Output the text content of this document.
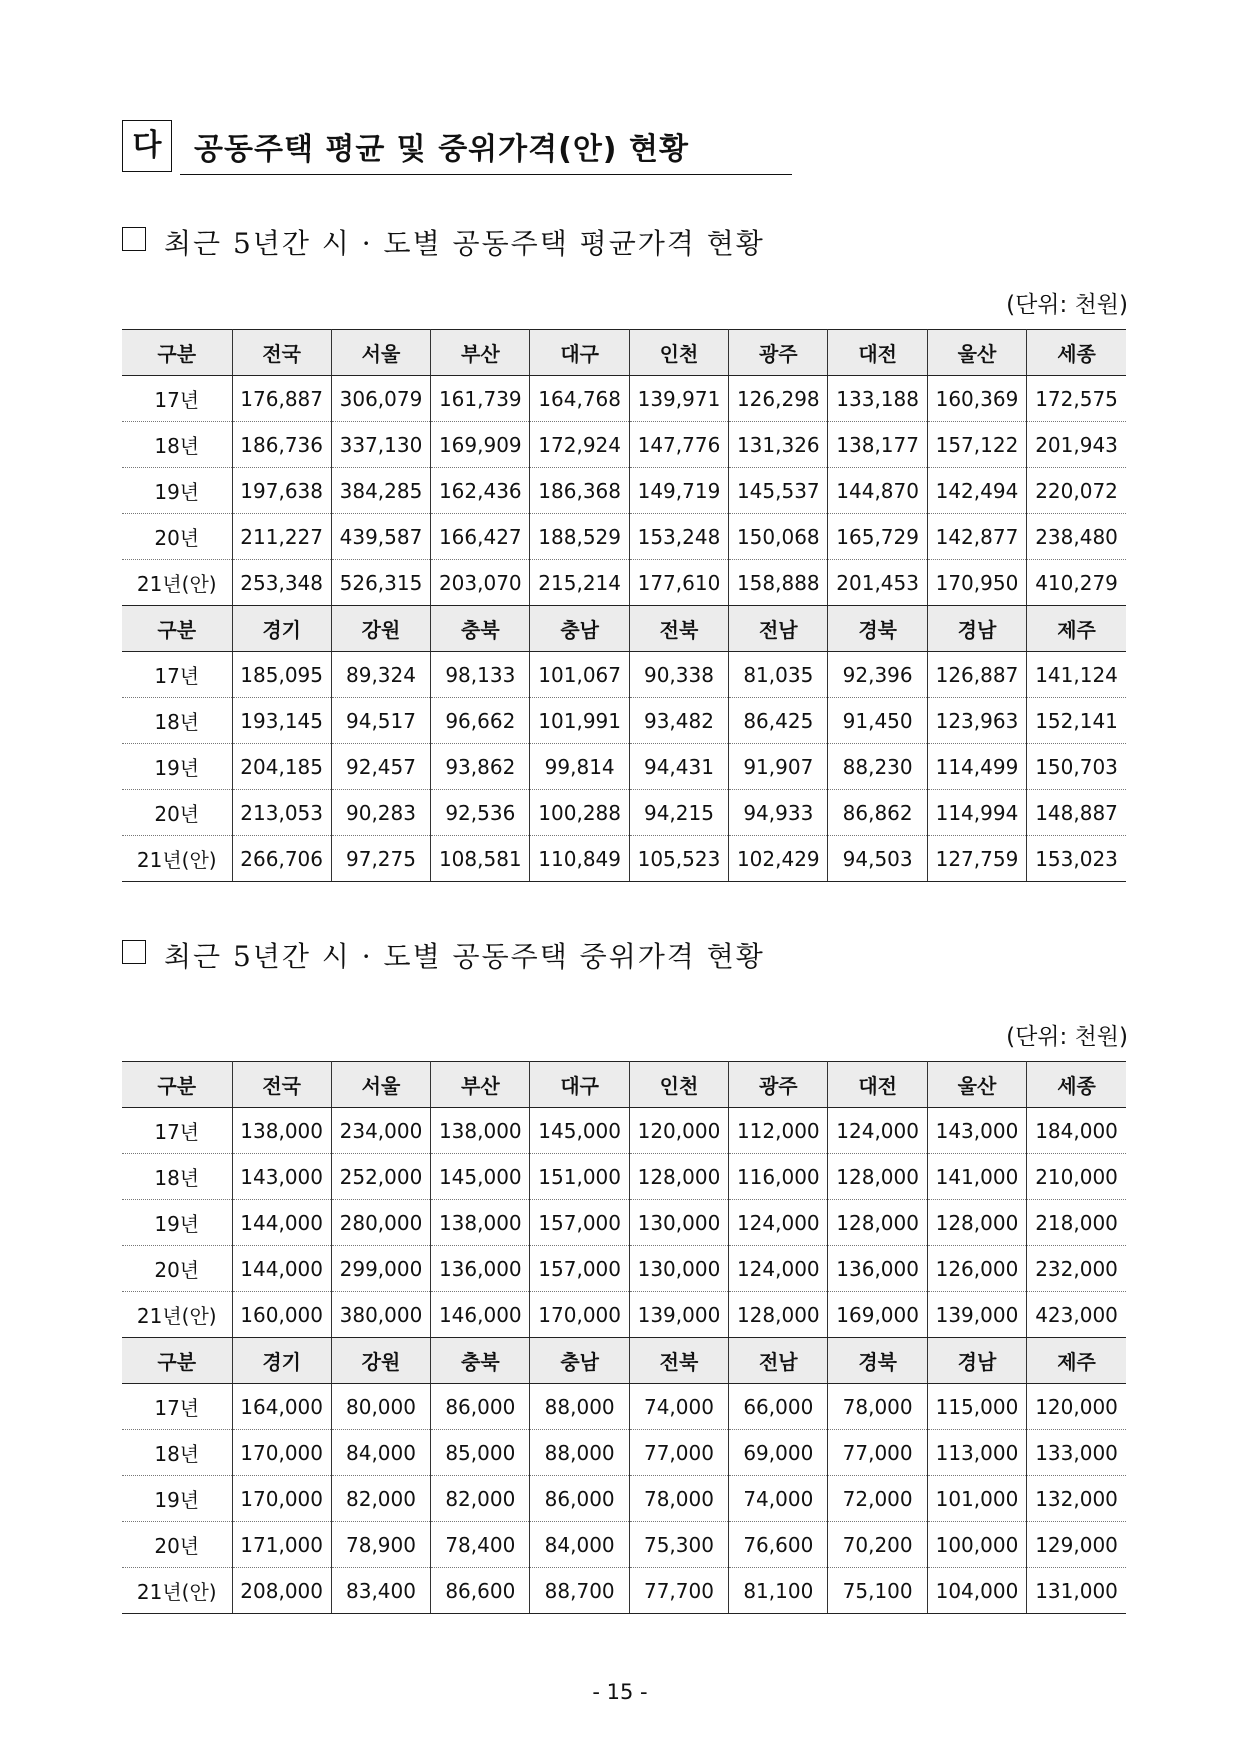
다	공동주택 평균 및 중위가격(안) 현황
최근 5년간 시 · 도별 공동주택 평균가격 현황
(단위: 천원)
구분	전국	서울	부산	대구	인천	광주	대전	울산	세종
17년	176,887	306,079	161,739	164,768	139,971	126,298	133,188	160,369	172,575
18년	186,736	337,130	169,909	172,924	147,776	131,326	138,177	157,122	201,943
19년	197,638	384,285	162,436	186,368	149,719	145,537	144,870	142,494	220,072
20년	211,227	439,587	166,427	188,529	153,248	150,068	165,729	142,877	238,480
21년(안)	253,348	526,315	203,070	215,214	177,610	158,888	201,453	170,950	410,279
구분	경기	강원	충북	충남	전북	전남	경북	경남	제주
17년	185,095	89,324	98,133	101,067	90,338	81,035	92,396	126,887	141,124
18년	193,145	94,517	96,662	101,991	93,482	86,425	91,450	123,963	152,141
19년	204,185	92,457	93,862	99,814	94,431	91,907	88,230	114,499	150,703
20년	213,053	90,283	92,536	100,288	94,215	94,933	86,862	114,994	148,887
21년(안)	266,706	97,275	108,581	110,849	105,523	102,429	94,503	127,759	153,023
최근 5년간 시 · 도별 공동주택 중위가격 현황
(단위: 천원)
구분	전국	서울	부산	대구	인천	광주	대전	울산	세종
17년	138,000	234,000	138,000	145,000	120,000	112,000	124,000	143,000	184,000
18년	143,000	252,000	145,000	151,000	128,000	116,000	128,000	141,000	210,000
19년	144,000	280,000	138,000	157,000	130,000	124,000	128,000	128,000	218,000
20년	144,000	299,000	136,000	157,000	130,000	124,000	136,000	126,000	232,000
21년(안)	160,000	380,000	146,000	170,000	139,000	128,000	169,000	139,000	423,000
구분	경기	강원	충북	충남	전북	전남	경북	경남	제주
17년	164,000	80,000	86,000	88,000	74,000	66,000	78,000	115,000	120,000
18년	170,000	84,000	85,000	88,000	77,000	69,000	77,000	113,000	133,000
19년	170,000	82,000	82,000	86,000	78,000	74,000	72,000	101,000	132,000
20년	171,000	78,900	78,400	84,000	75,300	76,600	70,200	100,000	129,000
21년(안)	208,000	83,400	86,600	88,700	77,700	81,100	75,100	104,000	131,000
- 15 -
